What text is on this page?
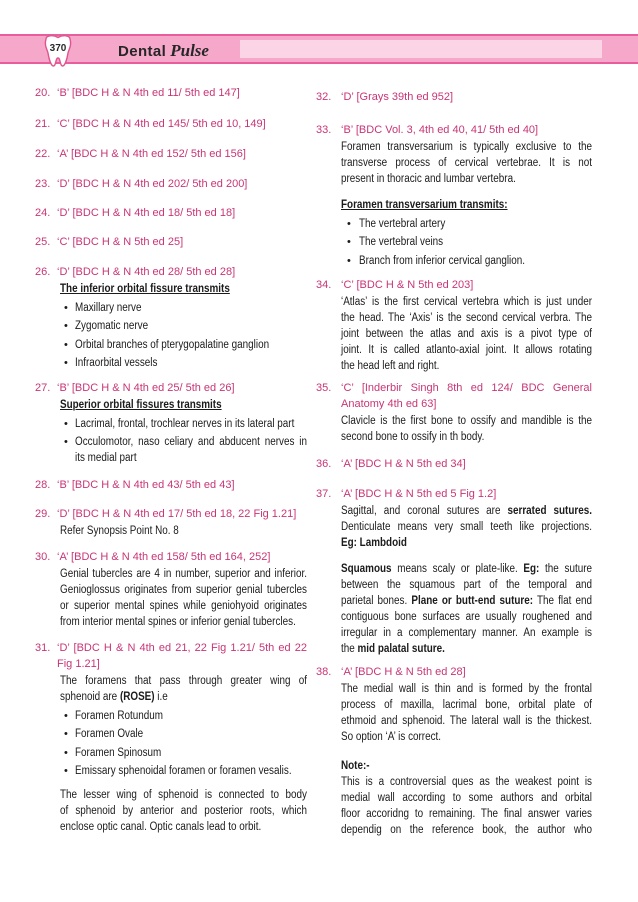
370	Dental Pulse
20. ‘B’ [BDC H & N 4th ed 11/ 5th ed 147]
21. ‘C’ [BDC H & N 4th ed 145/ 5th ed 10, 149]
22. ‘A’ [BDC H & N 4th ed 152/ 5th ed 156]
23. ‘D’ [BDC H & N 4th ed 202/ 5th ed 200]
24. ‘D’ [BDC H & N 4th ed 18/ 5th ed 18]
25. ‘C’ [BDC H & N 5th ed 25]
26. ‘D’ [BDC H & N 4th ed 28/ 5th ed 28]
The inferior orbital fissure transmits
• Maxillary nerve
• Zygomatic nerve
• Orbital branches of pterygopalatine ganglion
• Infraorbital vessels
27. ‘B’ [BDC H & N 4th ed 25/ 5th ed 26]
Superior orbital fissures transmits
• Lacrimal, frontal, trochlear nerves in its lateral part
• Occulomotor, naso celiary and abducent nerves in
its medial part
28. ‘B’ [BDC H & N 4th ed 43/ 5th ed 43]
29. ‘D’ [BDC H & N 4th ed 17/ 5th ed 18, 22 Fig 1.21]
Refer Synopsis Point No. 8
30. ‘A’ [BDC H & N 4th ed 158/ 5th ed 164, 252]
Genial tubercles are 4 in number, superior and inferior.
Genioglossus originates from superior genial tubercles
or superior mental spines while geniohyoid originates
from interior mental spines or inferior genial tubercles.
31. ‘D’ [BDC H & N 4th ed 21, 22 Fig 1.21/ 5th ed 22
Fig 1.21]
The foramens that pass through greater wing of
sphenoid are (ROSE) i.e
• Foramen Rotundum
• Foramen Ovale
• Foramen Spinosum
• Emissary sphenoidal foramen or foramen vesalis.
The lesser wing of sphenoid is connected to body
of sphenoid by anterior and posterior roots, which
enclose optic canal. Optic canals lead to orbit.
32. ‘D’ [Grays 39th ed 952]
33. ‘B’ [BDC Vol. 3, 4th ed 40, 41/ 5th ed 40]
Foramen transversarium is typically exclusive to the
transverse process of cervical vertebrae. It is not
present in thoracic and lumbar vertebra.
Foramen transversarium transmits:
• The vertebral artery
• The vertebral veins
• Branch from inferior cervical ganglion.
34. ‘C’ [BDC H & N 5th ed 203]
‘Atlas’ is the first cervical vertebra which is just under
the head. The ‘Axis’ is the second cervical verbra. The
joint between the atlas and axis is a pivot type of
joint. It is called atlanto-axial joint. It allows rotating
the head left and right.
35. ‘C’ [Inderbir Singh 8th ed 124/ BDC General
Anatomy 4th ed 63]
Clavicle is the first bone to ossify and mandible is the
second bone to ossify in th body.
36. ‘A’ [BDC H & N 5th ed 34]
37. ‘A’ [BDC H & N 5th ed 5 Fig 1.2]
Sagittal, and coronal sutures are serrated sutures.
Denticulate means very small teeth like projections.
Eg: Lambdoid
Squamous means scaly or plate-like. Eg: the suture
between the squamous part of the temporal and
parietal bones. Plane or butt-end suture: The flat end
contiguous bone surfaces are usually roughened and
irregular in a complementary manner. An example is
the mid palatal suture.
38. ‘A’ [BDC H & N 5th ed 28]
The medial wall is thin and is formed by the frontal
process of maxilla, lacrimal bone, orbital plate of
ethmoid and sphenoid. The lateral wall is the thickest.
So option ‘A’ is correct.
Note:-
This is a controversial ques as the weakest point is
medial wall according to some authors and orbital
floor accoridng to remaining. The final answer varies
dependig on the reference book, the author who
